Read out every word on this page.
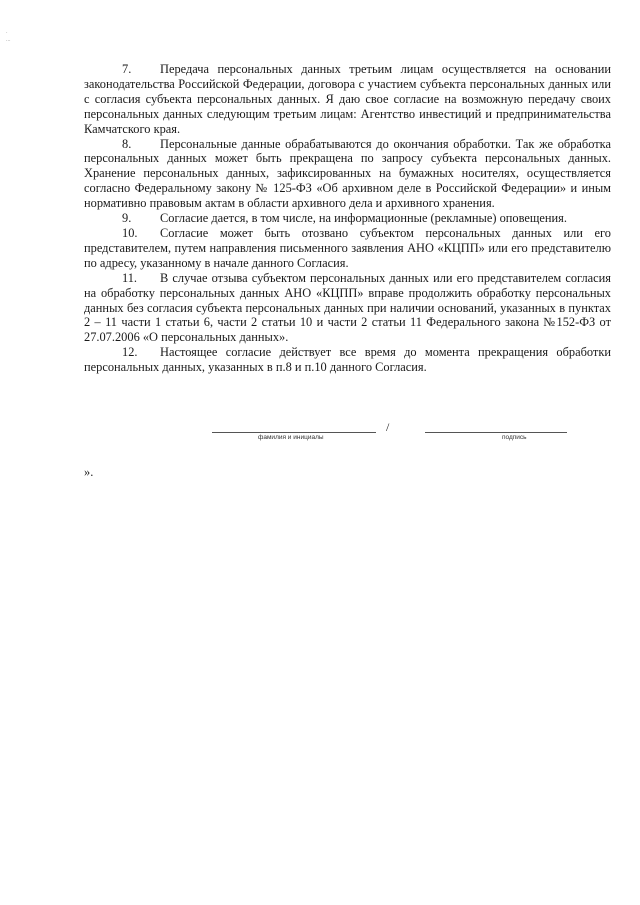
.
...

7. Передача персональных данных третьим лицам осуществляется на основании законодательства Российской Федерации, договора с участием субъекта персональных данных или с согласия субъекта персональных данных. Я даю свое согласие на возможную передачу своих персональных данных следующим третьим лицам: Агентство инвестиций и предпринимательства Камчатского края.

8. Персональные данные обрабатываются до окончания обработки. Так же обработка персональных данных может быть прекращена по запросу субъекта персональных данных. Хранение персональных данных, зафиксированных на бумажных носителях, осуществляется согласно Федеральному закону № 125-ФЗ «Об архивном деле в Российской Федерации» и иным нормативно правовым актам в области архивного дела и архивного хранения.

9. Согласие дается, в том числе, на информационные (рекламные) оповещения.

10. Согласие может быть отозвано субъектом персональных данных или его представителем, путем направления письменного заявления АНО «КЦПП» или его представителю по адресу, указанному в начале данного Согласия.

11. В случае отзыва субъектом персональных данных или его представителем согласия на обработку персональных данных АНО «КЦПП» вправе продолжить обработку персональных данных без согласия субъекта персональных данных при наличии оснований, указанных в пунктах 2 – 11 части 1 статьи 6, части 2 статьи 10 и части 2 статьи 11 Федерального закона №152-ФЗ от 27.07.2006 «О персональных данных».

12. Настоящее согласие действует все время до момента прекращения обработки персональных данных, указанных в п.8 и п.10 данного Согласия.

/
фамилия и инициалы	подпись
».
